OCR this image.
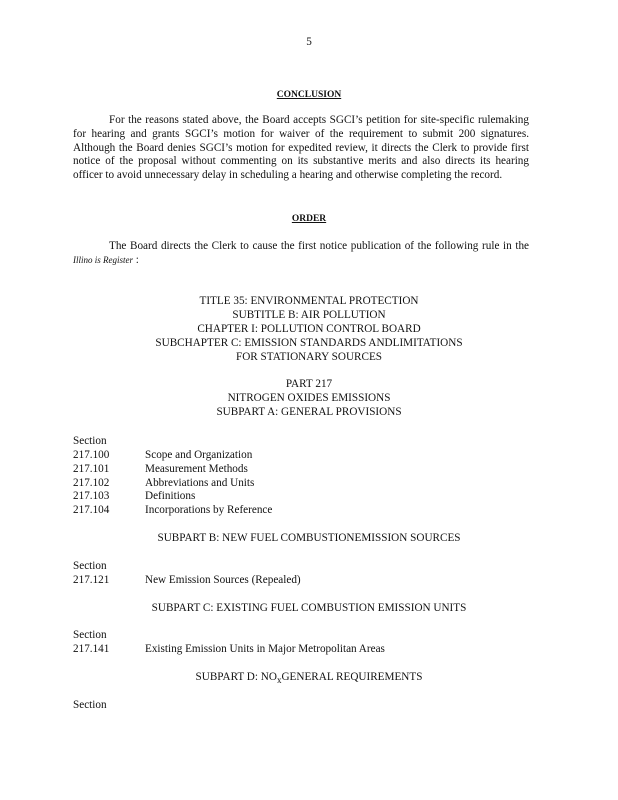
5
CONCLUSION
For the reasons stated above, the Board accepts SGCI’s petition for site-specific rulemaking for hearing and grants SGCI’s motion for waiver of the requirement to submit 200 signatures. Although the Board denies SGCI’s motion for expedited review, it directs the Clerk to provide first notice of the proposal without commenting on its substantive merits and also directs its hearing officer to avoid unnecessary delay in scheduling a hearing and otherwise completing the record.
ORDER
The Board directs the Clerk to cause the first notice publication of the following rule in the Illino is Register :
TITLE 35: ENVIRONMENTAL PROTECTION
SUBTITLE B: AIR POLLUTION
CHAPTER I: POLLUTION CONTROL BOARD
SUBCHAPTER C: EMISSION STANDARDS ANDLIMITATIONS
FOR STATIONARY SOURCES
PART 217
NITROGEN OXIDES EMISSIONS
SUBPART A: GENERAL PROVISIONS
Section
217.100	Scope and Organization
217.101	Measurement Methods
217.102	Abbreviations and Units
217.103	Definitions
217.104	Incorporations by Reference
SUBPART B: NEW FUEL COMBUSTIONEMISSION SOURCES
Section
217.121	New Emission Sources (Repealed)
SUBPART C: EXISTING FUEL COMBUSTION EMISSION UNITS
Section
217.141	Existing Emission Units in Major Metropolitan Areas
SUBPART D: $NO_xGENERAL$ REQUIREMENTS
Section
